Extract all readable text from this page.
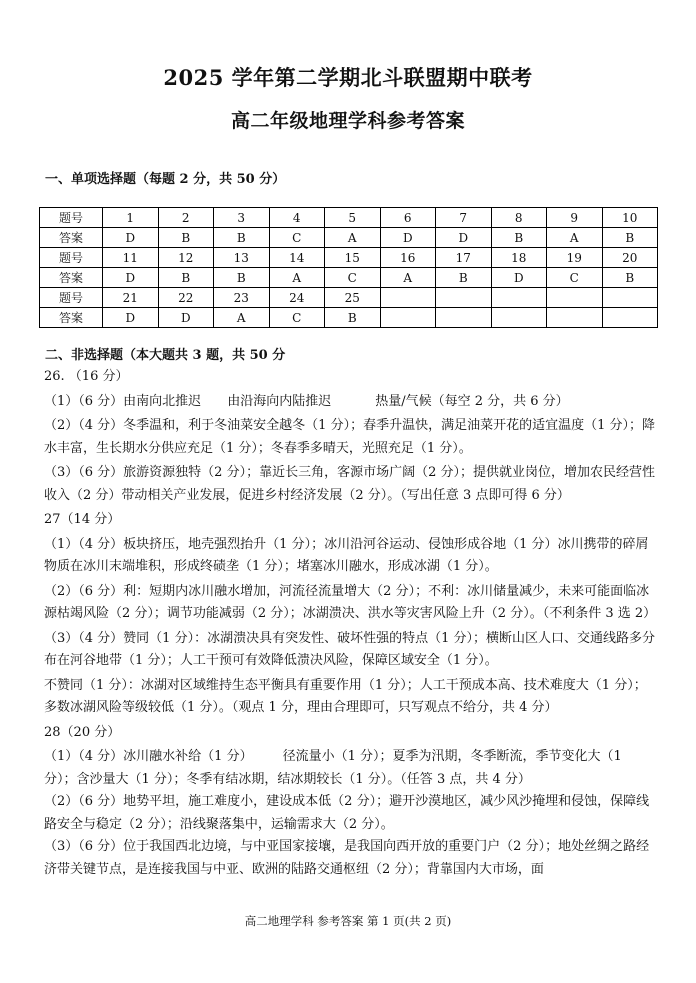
2025 学年第二学期北斗联盟期中联考
高二年级地理学科参考答案
一、单项选择题（每题 2 分，共 50 分）
题号	1	2	3	4	5	6	7	8	9	10
答案	D	B	B	C	A	D	D	B	A	B
题号	11	12	13	14	15	16	17	18	19	20
答案	D	B	B	A	C	A	B	D	C	B
题号	21	22	23	24	25					
答案	D	D	A	C	B					
二、非选择题（本大题共 3 题，共 50 分

26. （16 分）

（1）（6 分）由南向北推迟 由沿海向内陆推迟	热量/气候（每空 2 分，共 6 分）

（2）（4 分）冬季温和，利于冬油菜安全越冬（1 分）；春季升温快，满足油菜开花的适宜温度（1 分）；降水丰富，生长期水分供应充足（1 分）；冬春季多晴天，光照充足（1 分）。

（3）（6 分）旅游资源独特（2 分）；靠近长三角，客源市场广阔（2 分）；提供就业岗位，增加农民经营性收入（2 分）带动相关产业发展，促进乡村经济发展（2 分）。（写出任意 3 点即可得 6 分）

27（14 分）

（1）（4 分）板块挤压，地壳强烈抬升（1 分）；冰川沿河谷运动、侵蚀形成谷地（1 分）冰川携带的碎屑物质在冰川末端堆积，形成终碛垄（1 分）；堵塞冰川融水，形成冰湖（1 分）。

（2）（6 分）利：短期内冰川融水增加，河流径流量增大（2 分）；不利：冰川储量减少，未来可能面临冰源枯竭风险（2 分）；调节功能减弱（2 分）；冰湖溃决、洪水等灾害风险上升（2 分）。（不利条件 3 选 2）

（3）（4 分）赞同（1 分）：冰湖溃决具有突发性、破坏性强的特点（1 分）；横断山区人口、交通线路多分布在河谷地带（1 分）；人工干预可有效降低溃决风险，保障区域安全（1 分）。

不赞同（1 分）：冰湖对区域维持生态平衡具有重要作用（1 分）；人工干预成本高、技术难度大（1 分）；多数冰湖风险等级较低（1 分）。（观点 1 分，理由合理即可，只写观点不给分，共 4 分）

28（20 分）

（1）（4 分）冰川融水补给（1 分） 径流量小（1 分）；夏季为汛期，冬季断流，季节变化大（1 分）；含沙量大（1 分）；冬季有结冰期，结冰期较长（1 分）。（任答 3 点，共 4 分）

（2）（6 分）地势平坦，施工难度小，建设成本低（2 分）；避开沙漠地区，减少风沙掩埋和侵蚀，保障线路安全与稳定（2 分）；沿线聚落集中，运输需求大（2 分）。

（3）（6 分）位于我国西北边境，与中亚国家接壤，是我国向西开放的重要门户（2 分）；地处丝绸之路经济带关键节点，是连接我国与中亚、欧洲的陆路交通枢纽（2 分）；背靠国内大市场，面

高二地理学科 参考答案 第 1 页(共 2 页)
